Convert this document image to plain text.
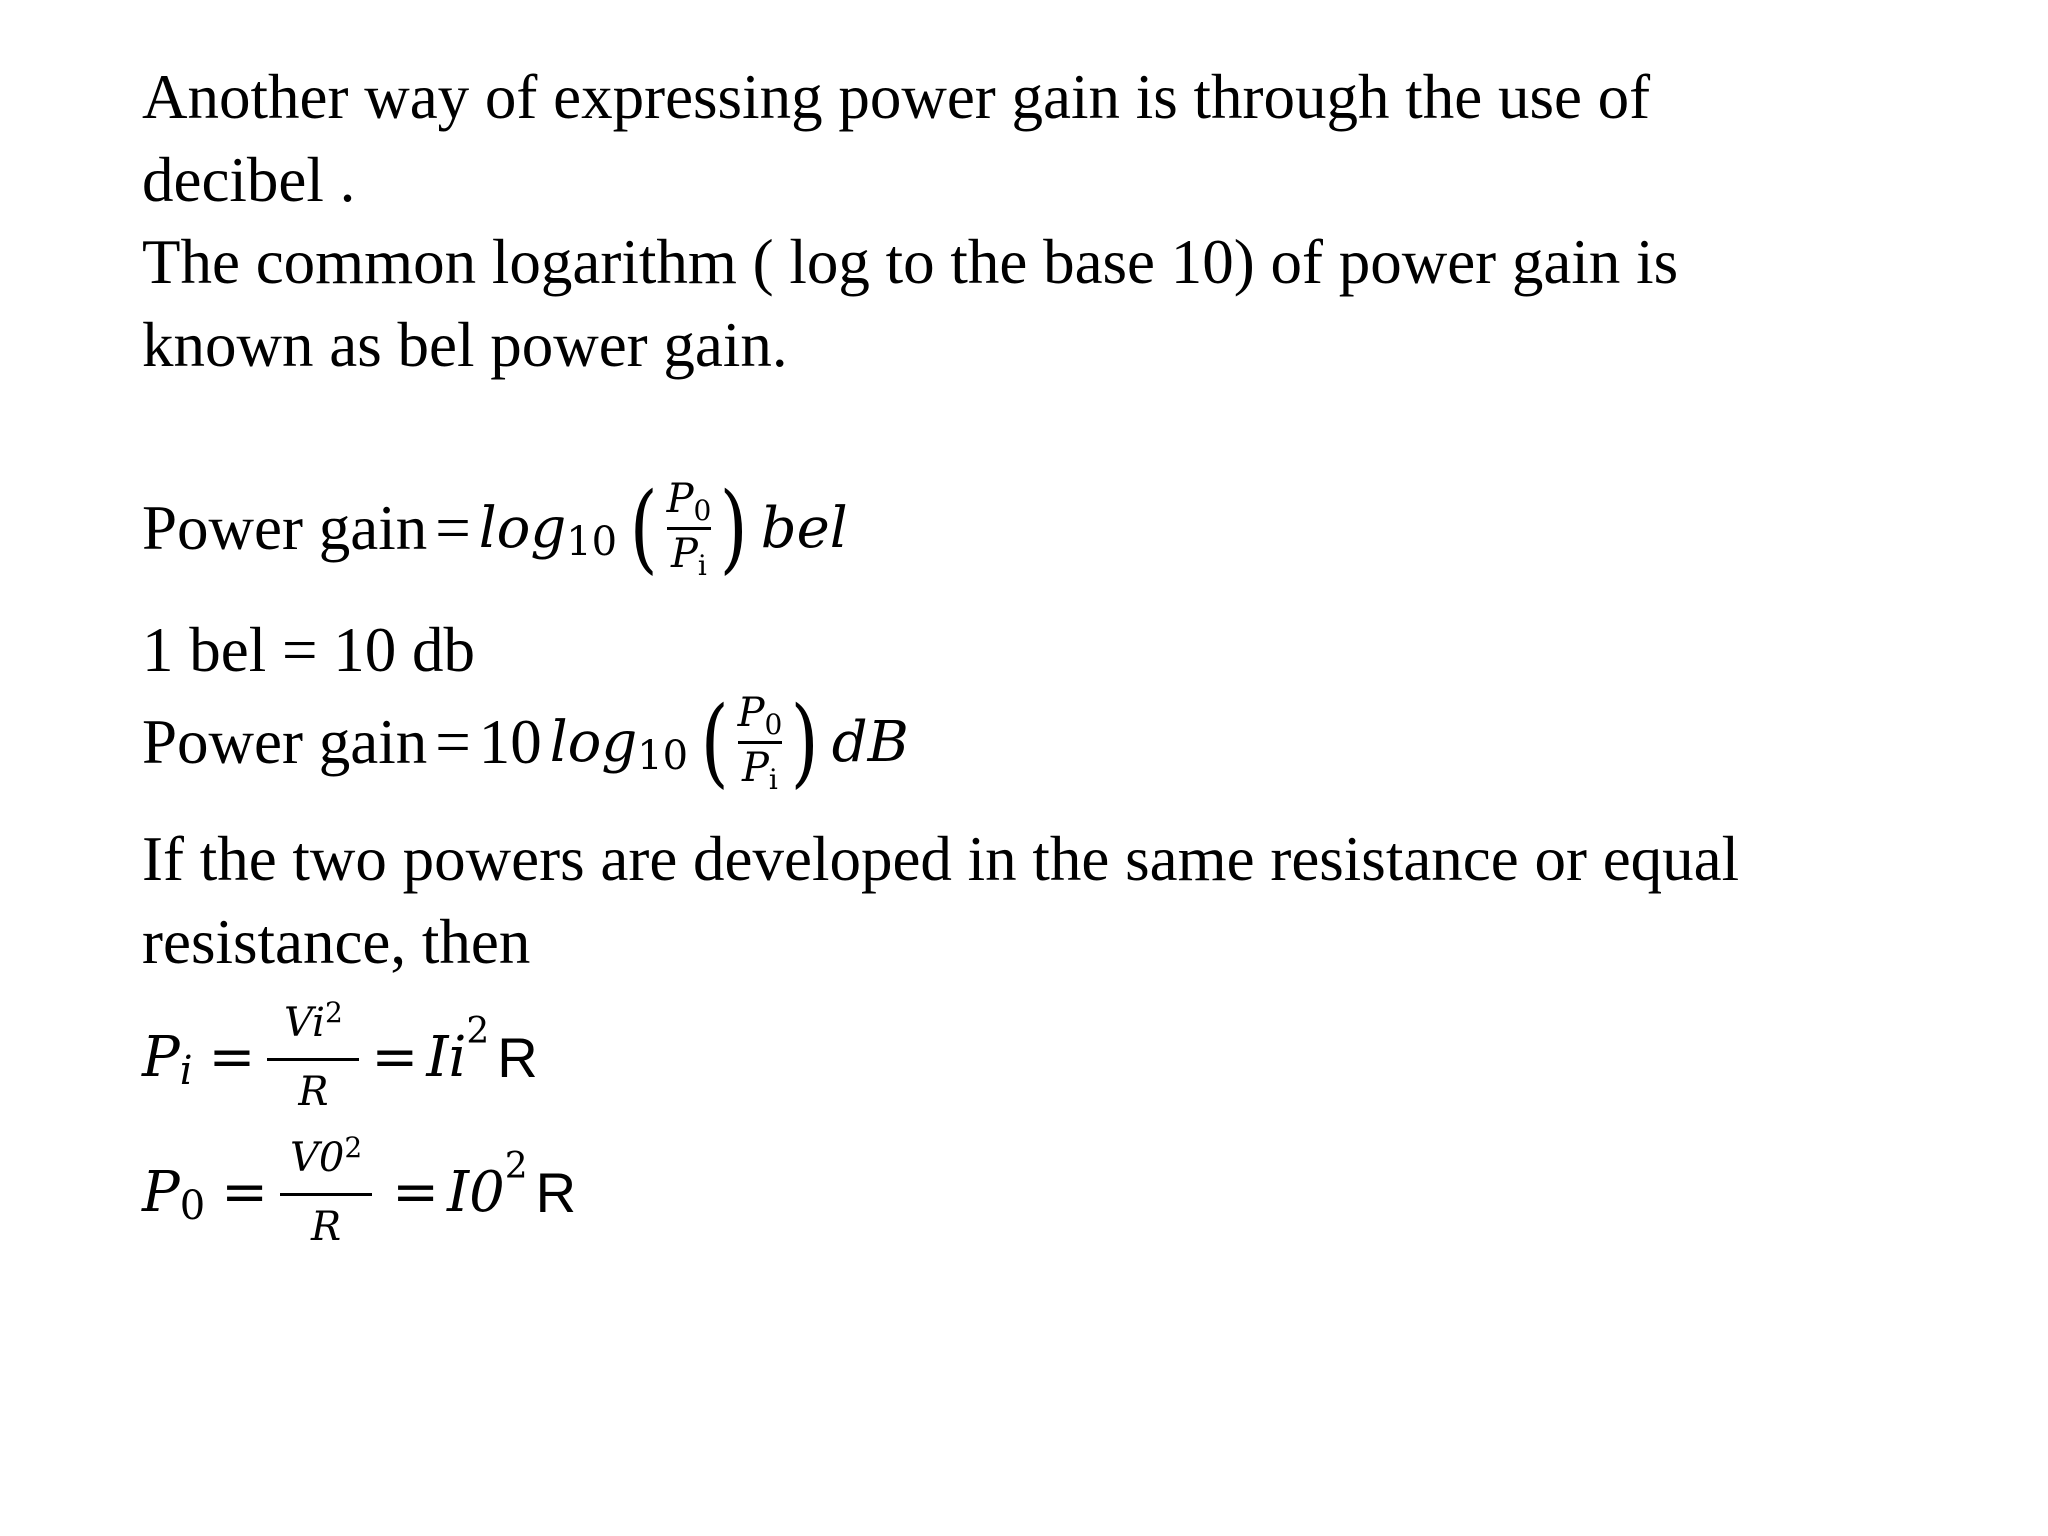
Another way of expressing power gain is through the use of
decibel .
The common logarithm ( log to the base 10) of power gain is
known as bel power gain.
Power gain = log 10 ( $\frac{P_0}{P_i}$ ) bel
1 bel = 10 db
Power gain = 10 log 10 ( $\frac{P_0}{P_i}$ ) dB
If the two powers are developed in the same resistance or equal
resistance, then
P $i = \frac{Vi^2}{R} = Ii$ 2 R
P $0 = \frac{V0^2}{R} = I0$ 2 R
